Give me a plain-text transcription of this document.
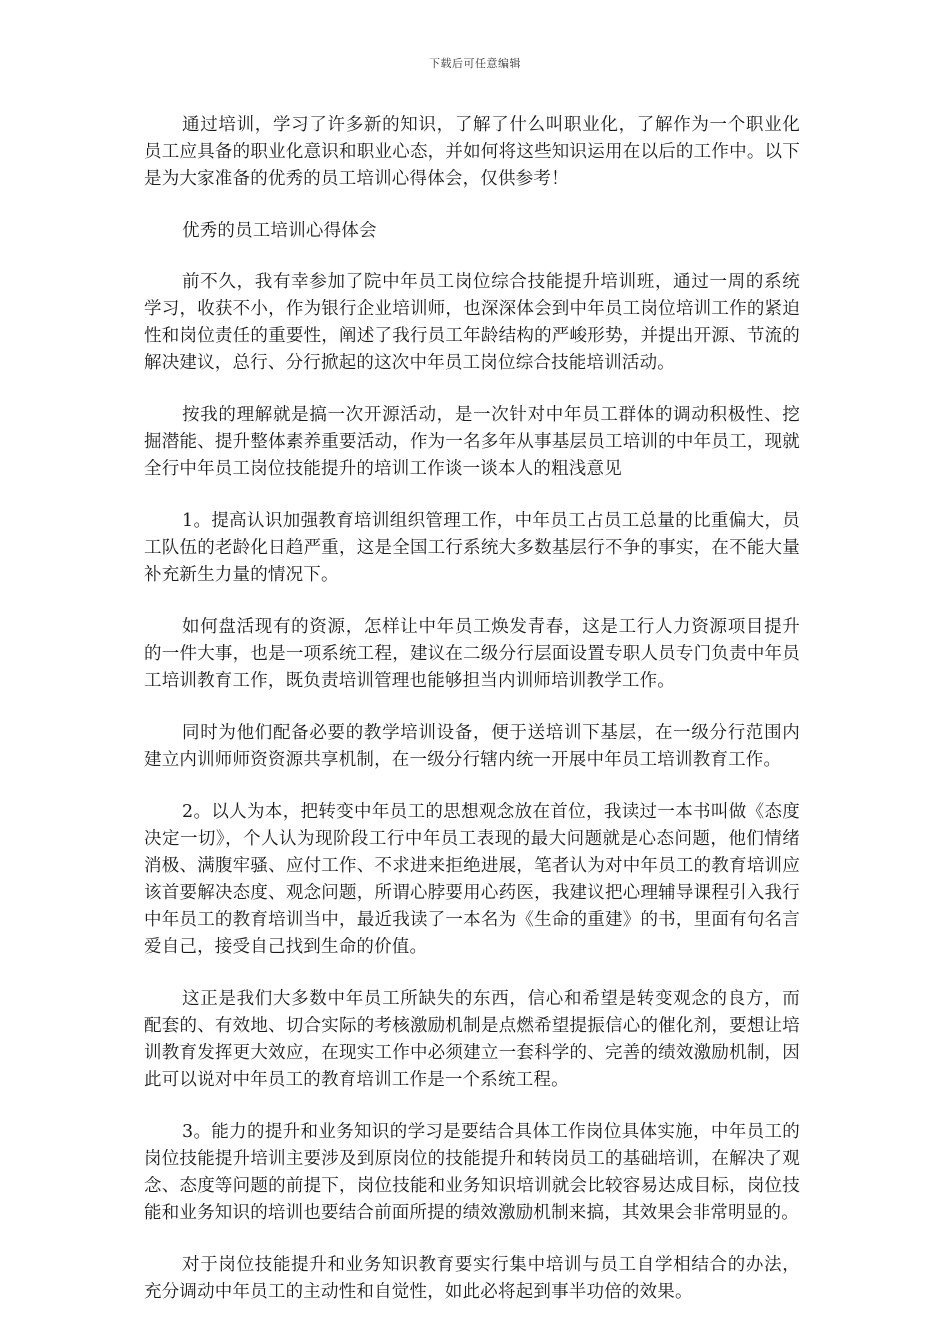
下载后可任意编辑

通过培训，学习了许多新的知识，了解了什么叫职业化，了解作为一个职业化员工应具备的职业化意识和职业心态，并如何将这些知识运用在以后的工作中。以下是为大家准备的优秀的员工培训心得体会，仅供参考！

优秀的员工培训心得体会

前不久，我有幸参加了院中年员工岗位综合技能提升培训班，通过一周的系统学习，收获不小，作为银行企业培训师，也深深体会到中年员工岗位培训工作的紧迫性和岗位责任的重要性，阐述了我行员工年龄结构的严峻形势，并提出开源、节流的解决建议，总行、分行掀起的这次中年员工岗位综合技能培训活动。

按我的理解就是搞一次开源活动，是一次针对中年员工群体的调动积极性、挖掘潜能、提升整体素养重要活动，作为一名多年从事基层员工培训的中年员工，现就全行中年员工岗位技能提升的培训工作谈一谈本人的粗浅意见

1。提高认识加强教育培训组织管理工作，中年员工占员工总量的比重偏大，员工队伍的老龄化日趋严重，这是全国工行系统大多数基层行不争的事实，在不能大量补充新生力量的情况下。

如何盘活现有的资源，怎样让中年员工焕发青春，这是工行人力资源项目提升的一件大事，也是一项系统工程，建议在二级分行层面设置专职人员专门负责中年员工培训教育工作，既负责培训管理也能够担当内训师培训教学工作。

同时为他们配备必要的教学培训设备，便于送培训下基层，在一级分行范围内建立内训师师资资源共享机制，在一级分行辖内统一开展中年员工培训教育工作。

2。以人为本，把转变中年员工的思想观念放在首位，我读过一本书叫做《态度决定一切》，个人认为现阶段工行中年员工表现的最大问题就是心态问题，他们情绪消极、满腹牢骚、应付工作、不求进来拒绝进展，笔者认为对中年员工的教育培训应该首要解决态度、观念问题，所谓心脖要用心药医，我建议把心理辅导课程引入我行中年员工的教育培训当中，最近我读了一本名为《生命的重建》的书，里面有句名言爱自己，接受自己找到生命的价值。

这正是我们大多数中年员工所缺失的东西，信心和希望是转变观念的良方，而配套的、有效地、切合实际的考核激励机制是点燃希望提振信心的催化剂，要想让培训教育发挥更大效应，在现实工作中必须建立一套科学的、完善的绩效激励机制，因此可以说对中年员工的教育培训工作是一个系统工程。

3。能力的提升和业务知识的学习是要结合具体工作岗位具体实施，中年员工的岗位技能提升培训主要涉及到原岗位的技能提升和转岗员工的基础培训，在解决了观念、态度等问题的前提下，岗位技能和业务知识培训就会比较容易达成目标，岗位技能和业务知识的培训也要结合前面所提的绩效激励机制来搞，其效果会非常明显的。

对于岗位技能提升和业务知识教育要实行集中培训与员工自学相结合的办法，充分调动中年员工的主动性和自觉性，如此必将起到事半功倍的效果。
